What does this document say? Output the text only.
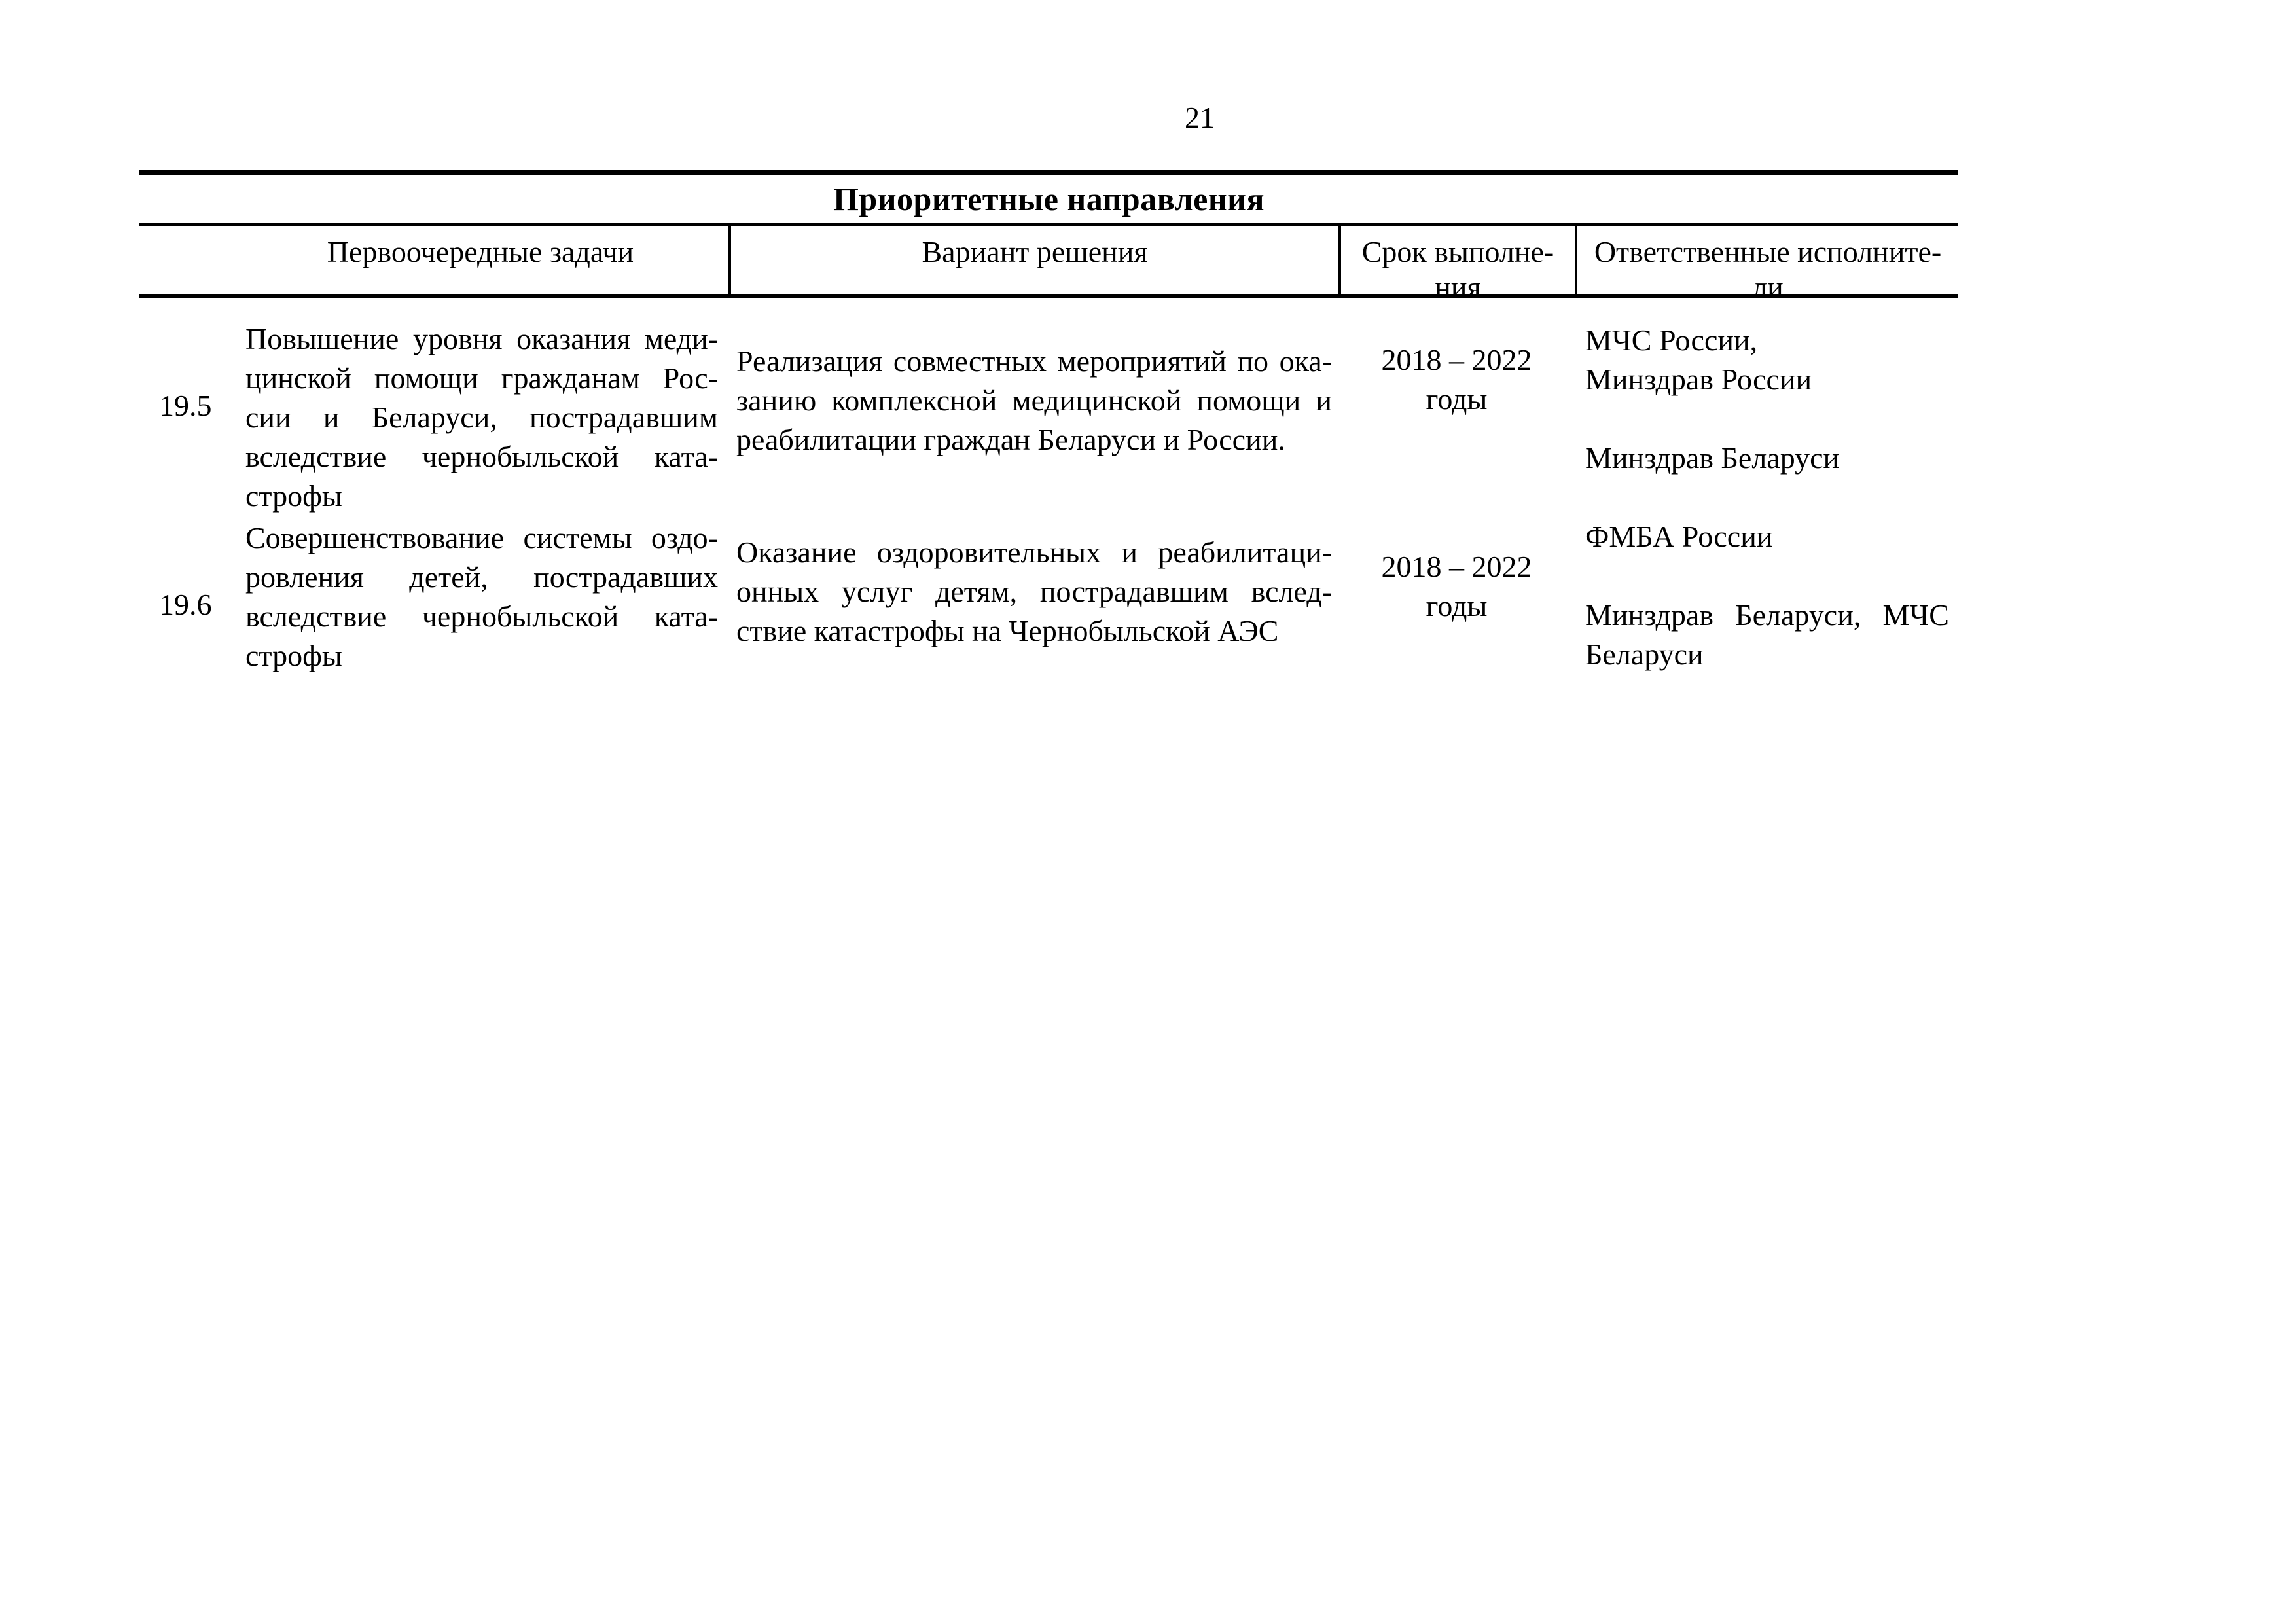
21
Приоритетные направления
Первоочередные задачи	Вариант решения	Срок выполне-
ния
Ответственные исполните-
ли
19.5
Повышение уровня оказания меди-
цинской помощи гражданам Рос-
сии и Беларуси, пострадавшим
вследствие чернобыльской ката-
строфы
Реализация совместных мероприятий по ока-
занию комплексной медицинской помощи и
реабилитации граждан Беларуси и России.
2018 – 2022
годы
МЧС России,
Минздрав России
Минздрав Беларуси
19.6
Совершенствование системы оздо-
ровления детей, пострадавших
вследствие чернобыльской ката-
строфы
Оказание оздоровительных и реабилитаци-
онных услуг детям, пострадавшим вслед-
ствие катастрофы на Чернобыльской АЭС
2018 – 2022
годы
ФМБА России
Минздрав Беларуси, МЧС
Беларуси
